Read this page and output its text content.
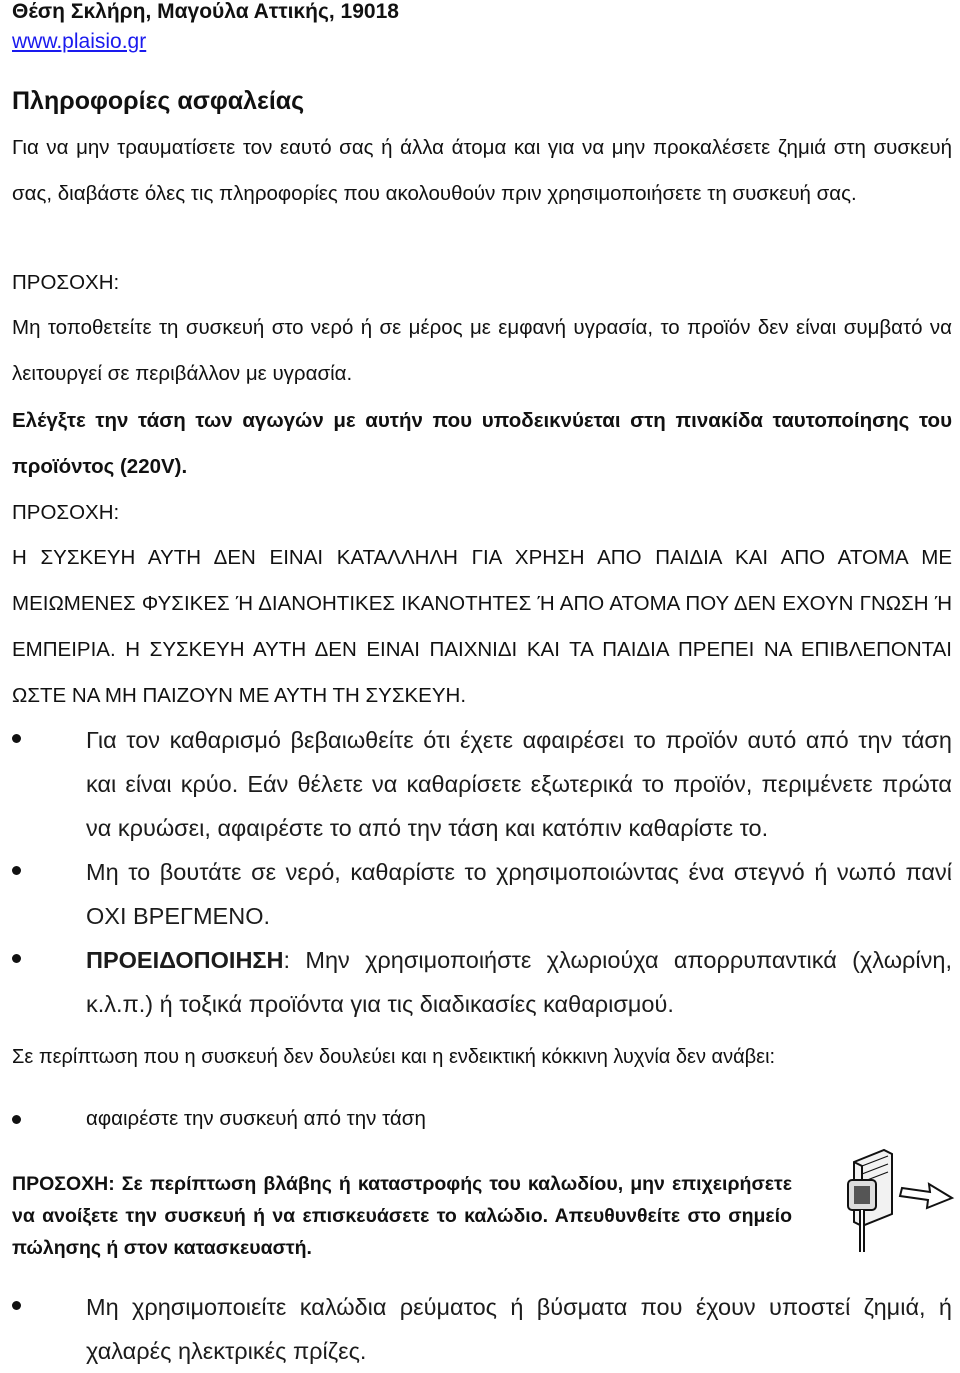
Θέση Σκλήρη, Μαγούλα Αττικής, 19018
www.plaisio.gr
Πληροφορίες ασφαλείας
Για να μην τραυματίσετε τον εαυτό σας ή άλλα άτομα και για να μην προκαλέσετε ζημιά στη συσκευή σας, διαβάστε όλες τις πληροφορίες που ακολουθούν πριν χρησιμοποιήσετε τη συσκευή σας.
ΠΡΟΣΟΧΗ:
Μη τοποθετείτε τη συσκευή στο νερό ή σε μέρος με εμφανή υγρασία, το προϊόν δεν είναι συμβατό να λειτουργεί σε περιβάλλον με υγρασία.
Ελέγξτε την τάση των αγωγών με αυτήν που υποδεικνύεται στη πινακίδα ταυτοποίησης του προϊόντος (220V).
ΠΡΟΣΟΧΗ:
Η ΣΥΣΚΕΥΗ ΑΥΤΗ ΔΕΝ ΕΙΝΑΙ ΚΑΤΑΛΛΗΛΗ ΓΙΑ ΧΡΗΣΗ ΑΠΟ ΠΑΙΔΙΑ ΚΑΙ ΑΠΟ ΑΤΟΜΑ ΜΕ ΜΕΙΩΜΕΝΕΣ ΦΥΣΙΚΕΣ Ή ΔΙΑΝΟΗΤΙΚΕΣ ΙΚΑΝΟΤΗΤΕΣ Ή ΑΠΟ ΑΤΟΜΑ ΠΟΥ ΔΕΝ ΕΧΟΥΝ ΓΝΩΣΗ Ή ΕΜΠΕΙΡΙΑ. Η ΣΥΣΚΕΥΗ ΑΥΤΗ ΔΕΝ ΕΙΝΑΙ ΠΑΙΧΝΙΔΙ ΚΑΙ ΤΑ ΠΑΙΔΙΑ ΠΡΕΠΕΙ ΝΑ ΕΠΙΒΛΕΠΟΝΤΑΙ ΩΣΤΕ ΝΑ ΜΗ ΠΑΙΖΟΥΝ ΜΕ ΑΥΤΗ ΤΗ ΣΥΣΚΕΥΗ.
Για τον καθαρισμό βεβαιωθείτε ότι έχετε αφαιρέσει το προϊόν αυτό από την τάση και είναι κρύο. Εάν θέλετε να καθαρίσετε εξωτερικά το προϊόν, περιμένετε πρώτα να κρυώσει, αφαιρέστε το από την τάση και κατόπιν καθαρίστε το.
Μη το βουτάτε σε νερό, καθαρίστε το χρησιμοποιώντας ένα στεγνό ή νωπό πανί ΟΧΙ ΒΡΕΓΜΕΝΟ.
ΠΡΟΕΙΔΟΠΟΙΗΣΗ: Μην χρησιμοποιήστε χλωριούχα απορρυπαντικά (χλωρίνη, κ.λ.π.) ή τοξικά προϊόντα για τις διαδικασίες καθαρισμού.
Σε περίπτωση που η συσκευή δεν δουλεύει και η ενδεικτική κόκκινη λυχνία δεν ανάβει:
αφαιρέστε την συσκευή από την τάση
ΠΡΟΣΟΧΗ: Σε περίπτωση βλάβης ή καταστροφής του καλωδίου, μην επιχειρήσετε να ανοίξετε την συσκευή ή να επισκευάσετε το καλώδιο. Απευθυνθείτε στο σημείο πώλησης ή στον κατασκευαστή.
Μη χρησιμοποιείτε καλώδια ρεύματος ή βύσματα που έχουν υποστεί ζημιά, ή χαλαρές ηλεκτρικές πρίζες.
